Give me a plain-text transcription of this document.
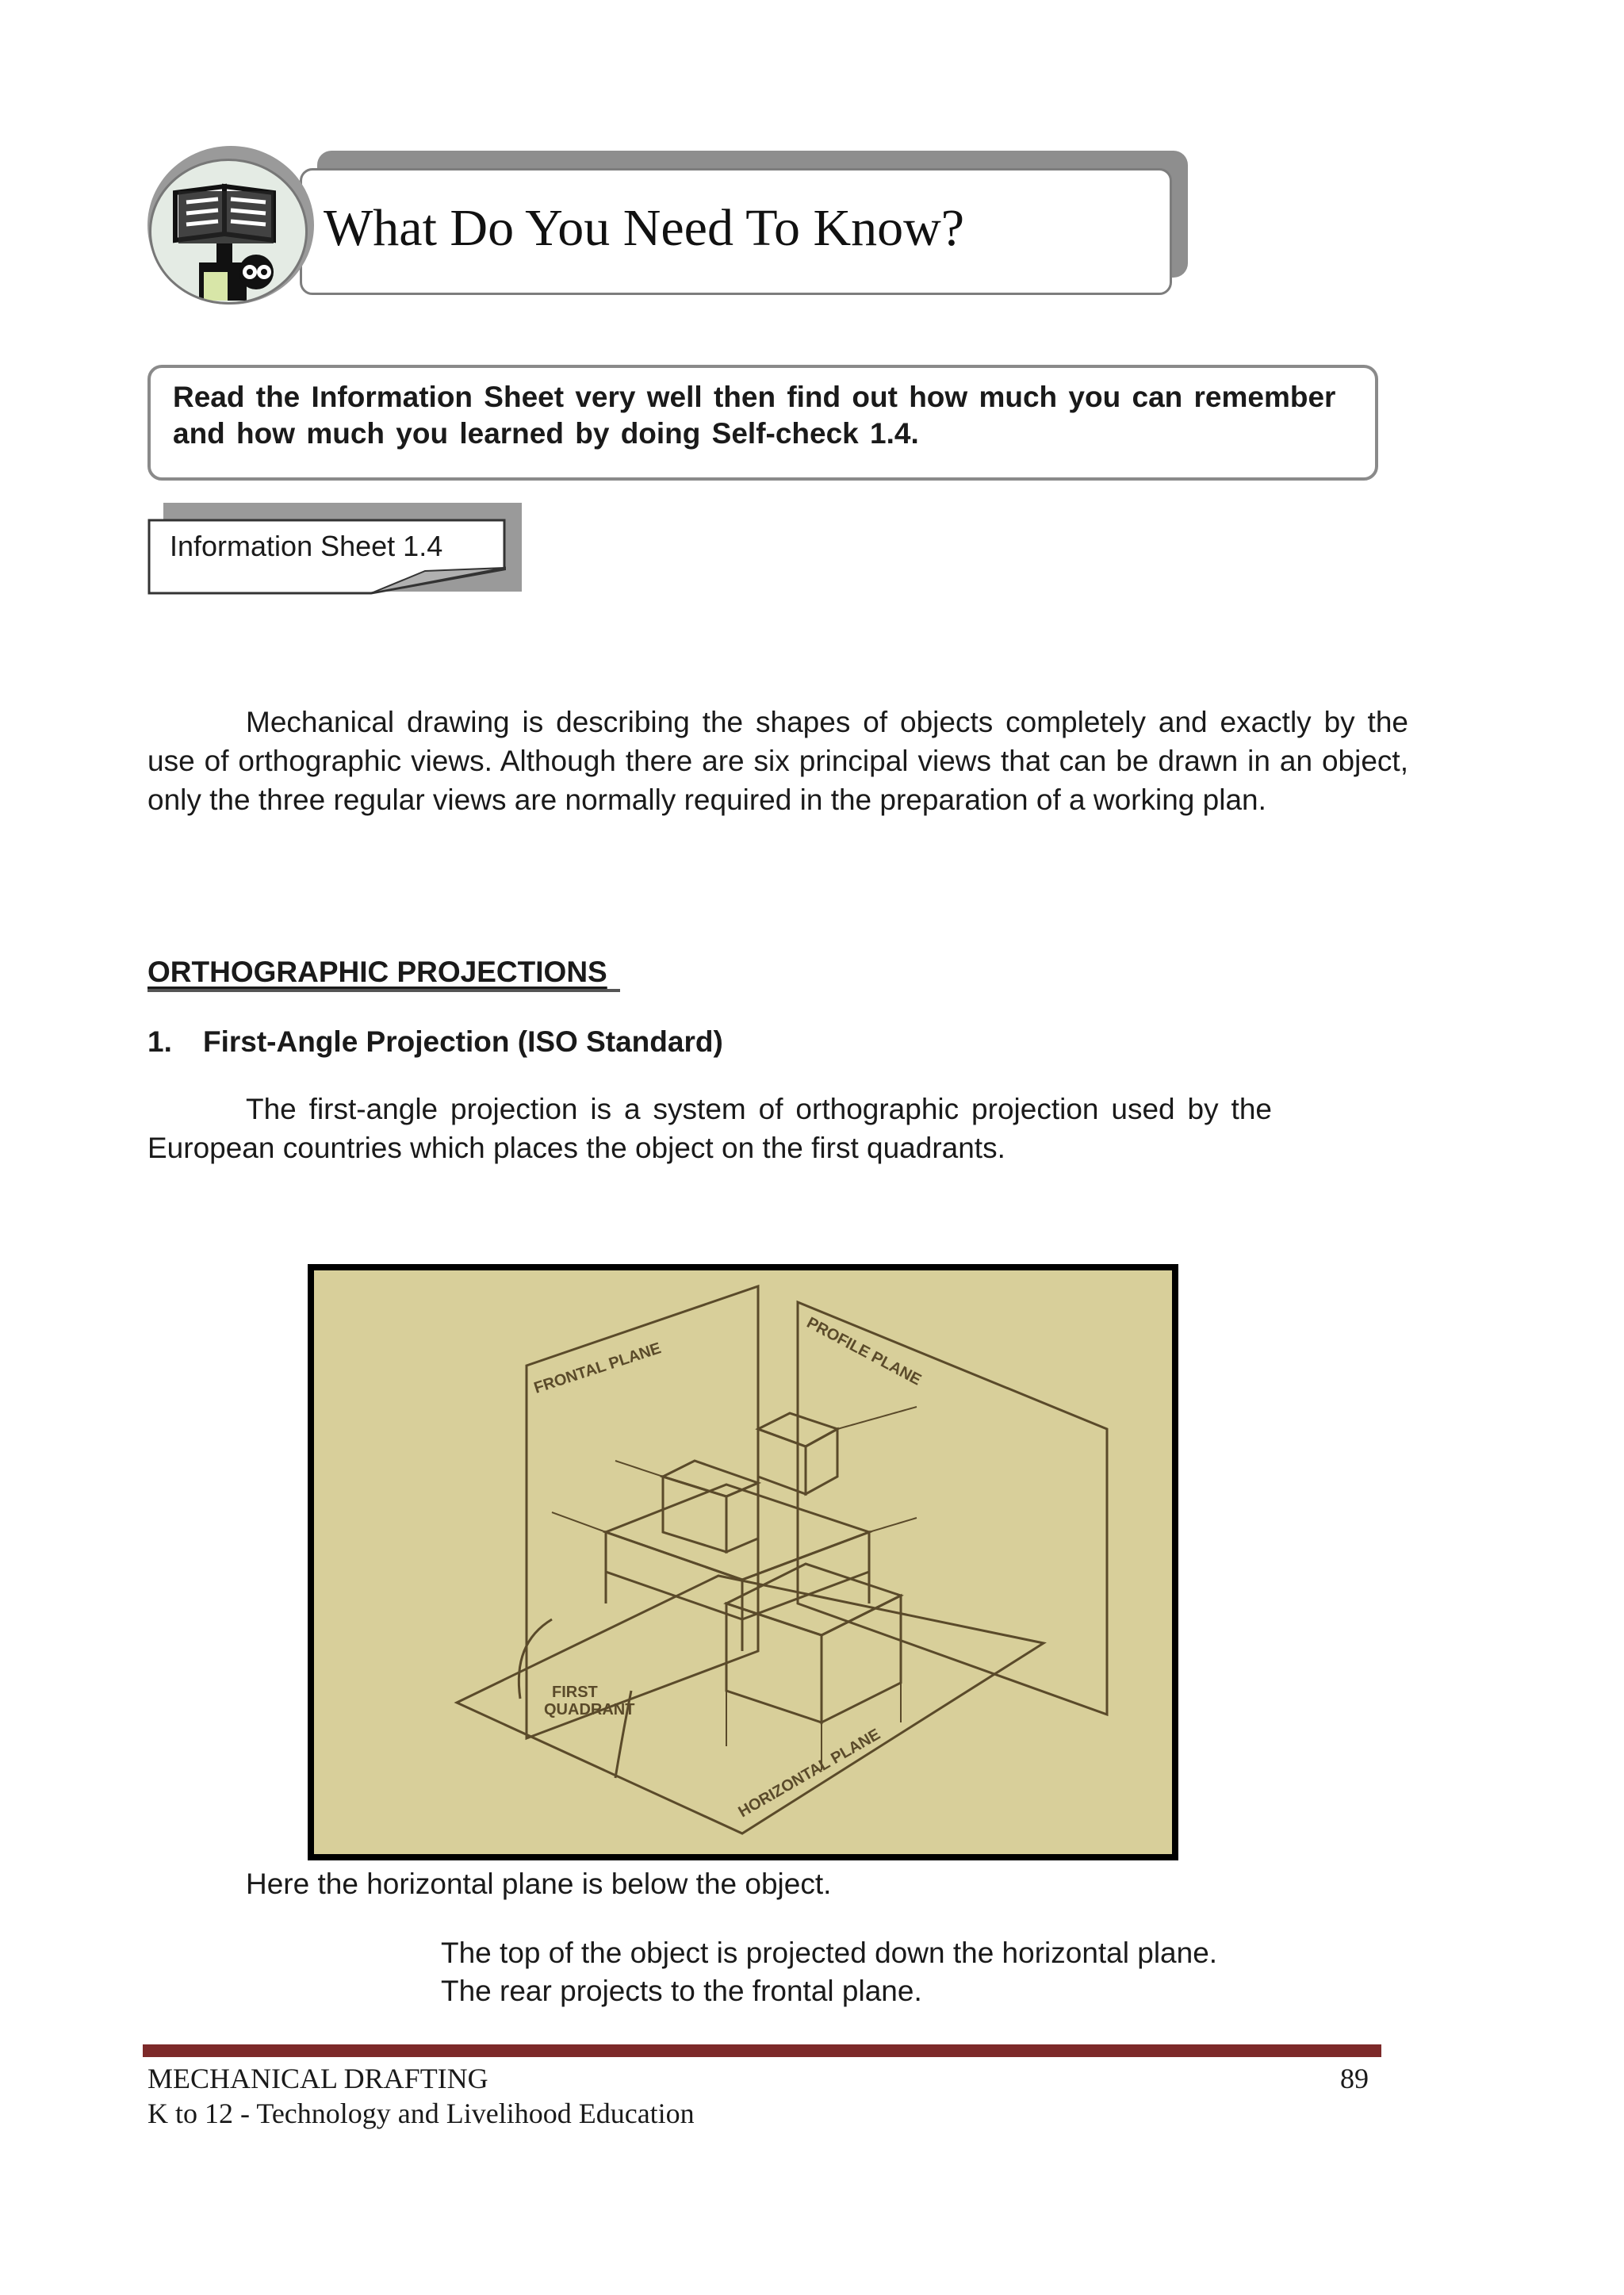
What Do You Need To Know?
Read the Information Sheet very well then find out how much you can remember and how much you learned by doing Self-check 1.4.
Information Sheet 1.4
Mechanical drawing is describing the shapes of objects completely and exactly by the use of orthographic views. Although there are six principal views that can be drawn in an object, only the three regular views are normally required in the preparation of a working plan.
ORTHOGRAPHIC PROJECTIONS
1. First-Angle Projection (ISO Standard)
The first-angle projection is a system of orthographic projection used by the European countries which places the object on the first quadrants.
FRONTAL PLANE	PROFILE PLANE
HORIZONTAL PLANE
FIRST
QUADRANT
Here the horizontal plane is below the object.
The top of the object is projected down the horizontal plane.
The rear projects to the frontal plane.
MECHANICAL DRAFTING
K to 12 - Technology and Livelihood Education
89
